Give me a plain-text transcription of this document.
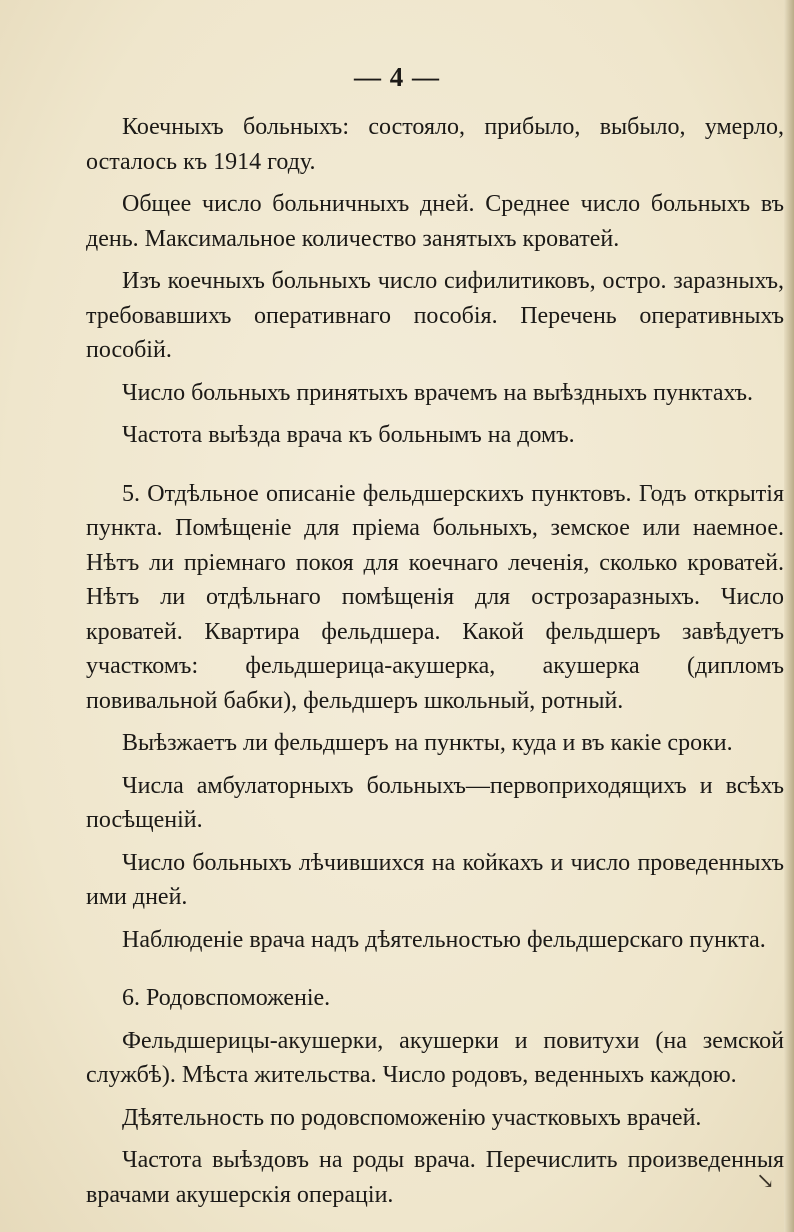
— 4 —

Коечныхъ больныхъ: состояло, прибыло, выбыло, умерло, осталось къ 1914 году.

Общее число больничныхъ дней. Среднее число больныхъ въ день. Максимальное количество занятыхъ кроватей.

Изъ коечныхъ больныхъ число сифилитиковъ, остро. заразныхъ, требовавшихъ оперативнаго пособія. Перечень оперативныхъ пособій.

Число больныхъ принятыхъ врачемъ на выѣздныхъ пунктахъ.

Частота выѣзда врача къ больнымъ на домъ.

5. Отдѣльное описаніе фельдшерскихъ пунктовъ. Годъ открытія пункта. Помѣщеніе для пріема больныхъ, земское или наемное. Нѣтъ ли пріемнаго покоя для коечнаго леченія, сколько кроватей. Нѣтъ ли отдѣльнаго помѣщенія для острозаразныхъ. Число кроватей. Квартира фельдшера. Какой фельдшеръ завѣдуетъ участкомъ: фельдшерица-акушерка, акушерка (дипломъ повивальной бабки), фельдшеръ школьный, ротный.

Выѣзжаетъ ли фельдшеръ на пункты, куда и въ какіе сроки.

Числа амбулаторныхъ больныхъ—первоприходящихъ и всѣхъ посѣщеній.

Число больныхъ лѣчившихся на койкахъ и число проведенныхъ ими дней.

Наблюденіе врача надъ дѣятельностью фельдшерскаго пункта.

6. Родовспоможеніе.

Фельдшерицы-акушерки, акушерки и повитухи (на земской службѣ). Мѣста жительства. Число родовъ, веденныхъ каждою.

Дѣятельность по родовспоможенію участковыхъ врачей.

Частота выѣздовъ на роды врача. Перечислить произведенныя врачами акушерскія операціи.

↘
